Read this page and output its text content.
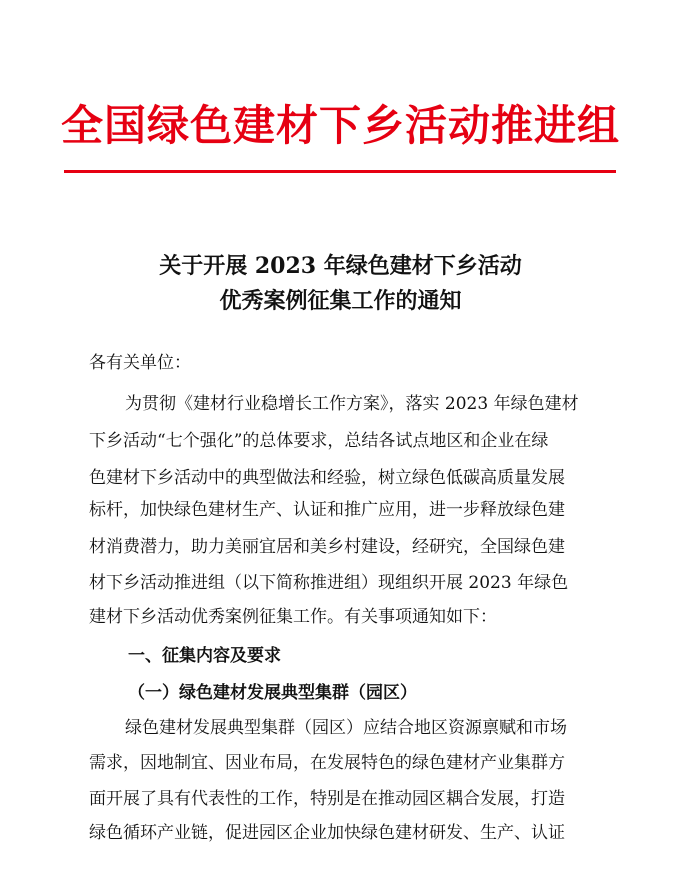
全国绿色建材下乡活动推进组
关于开展 2023 年绿色建材下乡活动
优秀案例征集工作的通知
各有关单位：
为贯彻《建材行业稳增长工作方案》，落实 2023 年绿色建材
下乡活动“七个强化”的总体要求，总结各试点地区和企业在绿
色建材下乡活动中的典型做法和经验，树立绿色低碳高质量发展
标杆，加快绿色建材生产、认证和推广应用，进一步释放绿色建
材消费潜力，助力美丽宜居和美乡村建设，经研究，全国绿色建
材下乡活动推进组（以下简称推进组）现组织开展 2023 年绿色
建材下乡活动优秀案例征集工作。有关事项通知如下：
一、征集内容及要求
（一）绿色建材发展典型集群（园区）
绿色建材发展典型集群（园区）应结合地区资源禀赋和市场
需求，因地制宜、因业布局，在发展特色的绿色建材产业集群方
面开展了具有代表性的工作，特别是在推动园区耦合发展，打造
绿色循环产业链，促进园区企业加快绿色建材研发、生产、认证
